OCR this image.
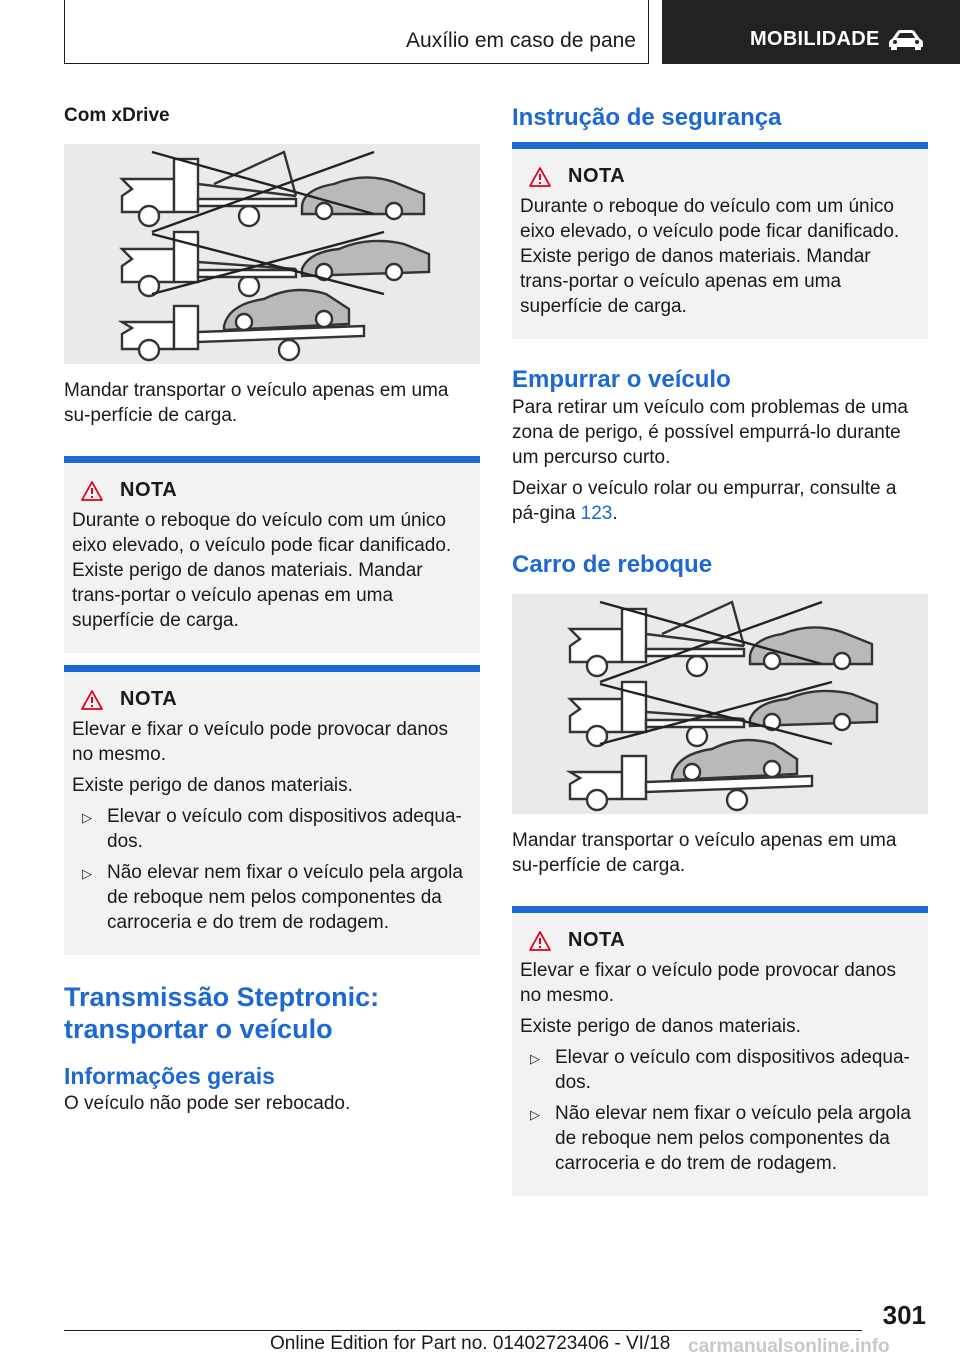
Auxílio em caso de pane	MOBILIDADE

Com xDrive

Mandar transportar o veículo apenas em uma su-perfície de carga.

NOTA

Durante o reboque do veículo com um único eixo elevado, o veículo pode ficar danificado. Existe perigo de danos materiais. Mandar trans-portar o veículo apenas em uma superfície de carga.

NOTA

Elevar e fixar o veículo pode provocar danos no mesmo.

Existe perigo de danos materiais.

▷ Elevar o veículo com dispositivos adequa-dos.
▷ Não elevar nem fixar o veículo pela argola de reboque nem pelos componentes da carroceria e do trem de rodagem.

Transmissão Steptronic: transportar o veículo

Informações gerais

O veículo não pode ser rebocado.

Instrução de segurança

NOTA

Durante o reboque do veículo com um único eixo elevado, o veículo pode ficar danificado. Existe perigo de danos materiais. Mandar trans-portar o veículo apenas em uma superfície de carga.

Empurrar o veículo

Para retirar um veículo com problemas de uma zona de perigo, é possível empurrá-lo durante um percurso curto.

Deixar o veículo rolar ou empurrar, consulte a pá-gina 123.

Carro de reboque

Mandar transportar o veículo apenas em uma su-perfície de carga.

NOTA

Elevar e fixar o veículo pode provocar danos no mesmo.

Existe perigo de danos materiais.

▷ Elevar o veículo com dispositivos adequa-dos.
▷ Não elevar nem fixar o veículo pela argola de reboque nem pelos componentes da carroceria e do trem de rodagem.
301
Online Edition for Part no. 01402723406 - VI/18 carmanualsonline.info
